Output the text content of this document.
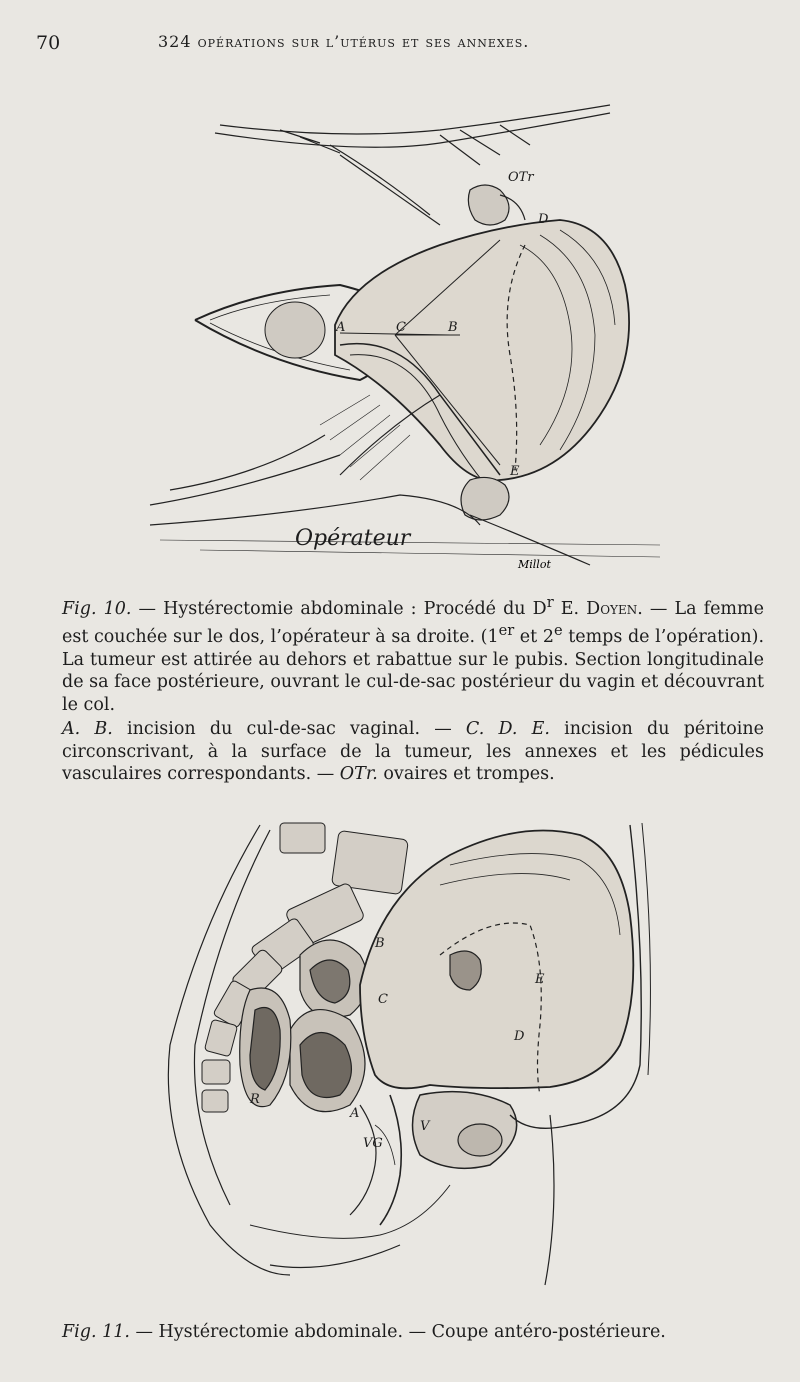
70	324 opérations sur l’utérus et ses annexes.
OTr
D
A	C	B
E
Opérateur
Millot

Fig. 10. — Hystérectomie abdominale : Procédé du $D^r$ E. Doyen. — La femme est couchée sur le dos, l’opérateur à sa droite. (1er et 2e temps de l’opération). La tumeur est attirée au dehors et rabattue sur le pubis. Section longitudinale de sa face postérieure, ouvrant le cul-de-sac postérieur du vagin et découvrant le col.

A. B. incision du cul-de-sac vaginal. — C. D. E. incision du péritoine circonscrivant, à la surface de la tumeur, les annexes et les pédicules vasculaires correspondants. — OTr. ovaires et trompes.

B
C
E
D
R
A
VG
V
Fig. 11. — Hystérectomie abdominale. — Coupe antéro-postérieure.
